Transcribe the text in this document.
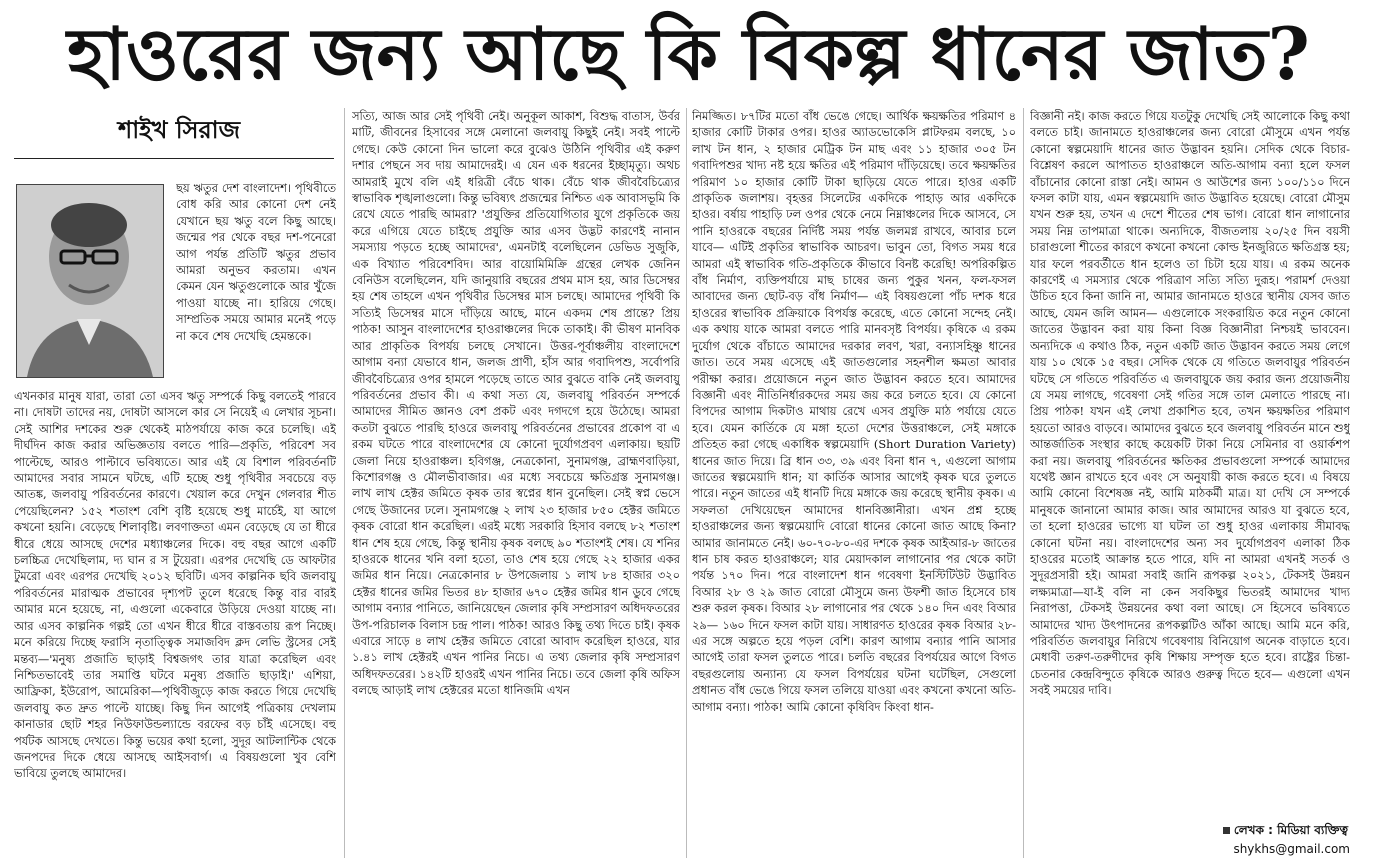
হাওরের জন্য আছে কি বিকল্প ধানের জাত?
শাইখ সিরাজ

ছয় ঋতুর দেশ বাংলাদেশ। পৃথিবীতে বোধ করি আর কোনো দেশ নেই যেখানে ছয় ঋতু বলে কিছু আছে। জন্মের পর থেকে বছর দশ-পনেরো আগ পর্যন্ত প্রতিটি ঋতুর প্রভাব আমরা অনুভব করতাম। এখন কেমন যেন ঋতুগুলোকে আর খুঁজে পাওয়া যাচ্ছে না। হারিয়ে গেছে। সাম্প্রতিক সময়ে আমার মনেই পড়ে না কবে শেষ দেখেছি হেমন্তকে।

এখনকার মানুষ যারা, তারা তো এসব ঋতু সম্পর্কে কিছু বলতেই পারবে না। দোষটা তাদের নয়, দোষটা আসলে কার সে নিয়েই এ লেখার সূচনা। সেই আশির দশকের শুরু থেকেই মাঠপর্যায়ে কাজ করে চলেছি। এই দীর্ঘদিন কাজ করার অভিজ্ঞতায় বলতে পারি—প্রকৃতি, পরিবেশ সব পাল্টেছে, আরও পাল্টাবে ভবিষ্যতে। আর এই যে বিশাল পরিবর্তনটি আমাদের সবার সামনে ঘটছে, এটি হচ্ছে শুধু পৃথিবীর সবচেয়ে বড় আতঙ্ক, জলবায়ু পরিবর্তনের কারণে। খেয়াল করে দেখুন গেলবার শীত পেয়েছিলেন? ১৫২ শতাংশ বেশি বৃষ্টি হয়েছে শুধু মার্চেই, যা আগে কখনো হয়নি। বেড়েছে শিলাবৃষ্টি। লবণাক্ততা এমন বেড়েছে যে তা ধীরে ধীরে ধেয়ে আসছে দেশের মধ্যাঞ্চলের দিকে। বহু বছর আগে একটি চলচ্চিত্র দেখেছিলাম, দ্য ঘান র স টুয়েরা। এরপর দেখেছি ডে আফটার টুমরো এবং এরপর দেখেছি ২০১২ ছবিটি। এসব কাল্পনিক ছবি জলবায়ু পরিবর্তনের মারাত্মক প্রভাবের দৃশ্যপট তুলে ধরেছে কিন্তু বার বারই আমার মনে হয়েছে, না, এগুলো একেবারে উড়িয়ে দেওয়া যাচ্ছে না। আর এসব কাল্পনিক গল্পই তো এখন ধীরে ধীরে বাস্তবতায় রূপ নিচ্ছে। মনে করিয়ে দিচ্ছে ফরাসি নৃতাত্ত্বিক সমাজবিদ ক্লদ লেভি স্ট্রসের সেই মন্তব্য—'মনুষ্য প্রজাতি ছাড়াই বিশ্বজগৎ তার যাত্রা করেছিল এবং নিশ্চিতভাবেই তার সমাপ্তি ঘটবে মনুষ্য প্রজাতি ছাড়াই।' এশিয়া, আফ্রিকা, ইউরোপ, আমেরিকা—পৃথিবীজুড়ে কাজ করতে গিয়ে দেখেছি জলবায়ু কত দ্রুত পাল্টে যাচ্ছে। কিছু দিন আগেই পত্রিকায় দেখলাম কানাডার ছোট শহর নিউফাউন্ডল্যান্ডে বরফের বড় চাঁই এসেছে। বহু পর্যটক আসছে দেখতে। কিন্তু ভয়ের কথা হলো, সুদূর আটলান্টিক থেকে জনপদের দিকে ধেয়ে আসছে আইসবার্গ। এ বিষয়গুলো খুব বেশি ভাবিয়ে তুলছে আমাদের।

সত্যি, আজ আর সেই পৃথিবী নেই। অনুকূল আকাশ, বিশুদ্ধ বাতাস, উর্বর মাটি, জীবনের হিসাবের সঙ্গে মেলানো জলবায়ু কিছুই নেই। সবই পাল্টে গেছে। কেউ কোনো দিন ভালো করে বুঝেও উঠিনি পৃথিবীর এই করুণ দশার পেছনে সব দায় আমাদেরই। এ যেন এক ধরনের ইচ্ছামৃত্যু। অথচ আমরাই মুখে বলি এই ধরিত্রী বেঁচে থাক। বেঁচে থাক জীববৈচিত্র্যের স্বাভাবিক শৃঙ্খলাগুলো। কিন্তু ভবিষ্যৎ প্রজন্মের নিশ্চিত এক আবাসভূমি কি রেখে যেতে পারছি আমরা? 'প্রযুক্তির প্রতিযোগিতার যুগে প্রকৃতিকে জয় করে এগিয়ে যেতে চাইছে প্রযুক্তি আর এসব উদ্ভট কারণেই নানান সমস্যায় পড়তে হচ্ছে আমাদের', এমনটাই বলেছিলেন ডেভিড সুজুকি, এক বিখ্যাত পরিবেশবিদ। আর বায়োমিমিক্রি গ্রন্থের লেখক জেনিন বেনিউস বলেছিলেন, যদি জানুয়ারি বছরের প্রথম মাস হয়, আর ডিসেম্বর হয় শেষ তাহলে এখন পৃথিবীর ডিসেম্বর মাস চলছে। আমাদের পৃথিবী কি সত্যিই ডিসেম্বর মাসে দাঁড়িয়ে আছে, মানে একদম শেষ প্রান্তে? প্রিয় পাঠক! আসুন বাংলাদেশের হাওরাঞ্চলের দিকে তাকাই। কী ভীষণ মানবিক আর প্রাকৃতিক বিপর্যয় চলছে সেখানে। উত্তর-পূর্বাঞ্চলীয় বাংলাদেশে আগাম বন্যা যেভাবে ধান, জলজ প্রাণী, হাঁস আর গবাদিপশু, সর্বোপরি জীববৈচিত্র্যের ওপর হামলে পড়েছে তাতে আর বুঝতে বাকি নেই জলবায়ু পরিবর্তনের প্রভাব কী। এ কথা সত্য যে, জলবায়ু পরিবর্তন সম্পর্কে আমাদের সীমিত জ্ঞানও বেশ প্রকট এবং দগদগে হয়ে উঠেছে। আমরা কতটা বুঝতে পারছি হাওরে জলবায়ু পরিবর্তনের প্রভাবের প্রকোপ বা এ রকম ঘটতে পারে বাংলাদেশের যে কোনো দুর্যোগপ্রবণ এলাকায়। ছয়টি জেলা নিয়ে হাওরাঞ্চল। হবিগঞ্জ, নেত্রকোনা, সুনামগঞ্জ, ব্রাহ্মণবাড়িয়া, কিশোরগঞ্জ ও মৌলভীবাজার। এর মধ্যে সবচেয়ে ক্ষতিগ্রস্ত সুনামগঞ্জ। লাখ লাখ হেক্টর জমিতে কৃষক তার স্বপ্নের ধান বুনেছিল। সেই স্বপ্ন ভেসে গেছে উজানের ঢলে। সুনামগঞ্জে ২ লাখ ২৩ হাজার ৮৫০ হেক্টর জমিতে কৃষক বোরো ধান করেছিল। এরই মধ্যে সরকারি হিসাব বলছে ৮২ শতাংশ ধান শেষ হয়ে গেছে, কিন্তু স্থানীয় কৃষক বলছে ৯০ শতাংশই শেষ। যে শনির হাওরকে ধানের খনি বলা হতো, তাও শেষ হয়ে গেছে ২২ হাজার একর জমির ধান নিয়ে। নেত্রকোনার ৮ উপজেলায় ১ লাখ ৮৪ হাজার ৩২০ হেক্টর ধানের জমির ভিতর ৪৮ হাজার ৬৭০ হেক্টর জমির ধান ডুবে গেছে আগাম বন্যার পানিতে, জানিয়েছেন জেলার কৃষি সম্প্রসারণ অধিদফতরের উপ-পরিচালক বিলাস চন্দ্র পাল। পাঠক! আরও কিছু তথ্য দিতে চাই। কৃষক এবারে সাড়ে ৪ লাখ হেক্টর জমিতে বোরো আবাদ করেছিল হাওরে, যার ১.৪১ লাখ হেক্টরই এখন পানির নিচে। এ তথ্য জেলার কৃষি সম্প্রসারণ অধিদফতরের। ১৪২টি হাওরই এখন পানির নিচে। তবে জেলা কৃষি অফিস বলছে আড়াই লাখ হেক্টরের মতো ধানিজমি এখন

নিমজ্জিত। ৮৭টির মতো বাঁধ ভেঙে গেছে। আর্থিক ক্ষয়ক্ষতির পরিমাণ ৪ হাজার কোটি টাকার ওপর। হাওর অ্যাডভোকেসি প্লাটফরম বলছে, ১০ লাখ টন ধান, ২ হাজার মেট্রিক টন মাছ এবং ১১ হাজার ৩০৫ টন গবাদিপশুর খাদ্য নষ্ট হয়ে ক্ষতির এই পরিমাণ দাঁড়িয়েছে। তবে ক্ষয়ক্ষতির পরিমাণ ১০ হাজার কোটি টাকা ছাড়িয়ে যেতে পারে। হাওর একটি প্রাকৃতিক জলাশয়। বৃহত্তর সিলেটের একদিকে পাহাড় আর একদিকে হাওর। বর্ষায় পাহাড়ি ঢল ওপর থেকে নেমে নিম্নাঞ্চলের দিকে আসবে, সে পানি হাওরকে বছরের নির্দিষ্ট সময় পর্যন্ত জলমগ্ন রাখবে, আবার চলে যাবে— এটিই প্রকৃতির স্বাভাবিক আচরণ। ভাবুন তো, বিগত সময় ধরে আমরা এই স্বাভাবিক গতি-প্রকৃতিকে কীভাবে বিনষ্ট করেছি! অপরিকল্পিত বাঁধ নির্মাণ, ব্যক্তিপর্যায়ে মাছ চাষের জন্য পুকুর খনন, ফল-ফসল আবাদের জন্য ছোট-বড় বাঁধ নির্মাণ— এই বিষয়গুলো পাঁচ দশক ধরে হাওরের স্বাভাবিক প্রক্রিয়াকে বিপর্যস্ত করেছে, এতে কোনো সন্দেহ নেই। এক কথায় যাকে আমরা বলতে পারি মানবসৃষ্ট বিপর্যয়। কৃষিকে এ রকম দুর্যোগ থেকে বাঁচাতে আমাদের দরকার লবণ, খরা, বন্যাসহিষ্ণু ধানের জাত। তবে সময় এসেছে এই জাতগুলোর সহনশীল ক্ষমতা আবার পরীক্ষা করার। প্রয়োজনে নতুন জাত উদ্ভাবন করতে হবে। আমাদের বিজ্ঞানী এবং নীতিনির্ধারকদের সময় জয় করে চলতে হবে। যে কোনো বিপদের আগাম দিকটাও মাথায় রেখে এসব প্রযুক্তি মাঠ পর্যায়ে যেতে হবে। যেমন কার্তিকে যে মঙ্গা হতো দেশের উত্তরাঞ্চলে, সেই মঙ্গাকে প্রতিহত করা গেছে একাধিক স্বল্পমেয়াদি (Short Duration Variety) ধানের জাত দিয়ে। ব্রি ধান ৩৩, ৩৯ এবং বিনা ধান ৭, এগুলো আগাম জাতের স্বল্পমেয়াদি ধান; যা কার্তিক আসার আগেই কৃষক ঘরে তুলতে পারে। নতুন জাতের এই ধানটি দিয়ে মঙ্গাকে জয় করেছে স্থানীয় কৃষক। এ সফলতা দেখিয়েছেন আমাদের ধানবিজ্ঞানীরা। এখন প্রশ্ন হচ্ছে হাওরাঞ্চলের জন্য স্বল্পমেয়াদি বোরো ধানের কোনো জাত আছে কিনা? আমার জানামতে নেই। ৬০-৭০-৮০-এর দশকে কৃষক আইআর-৮ জাতের ধান চাষ করত হাওরাঞ্চলে; যার মেয়াদকাল লাগানোর পর থেকে কাটা পর্যন্ত ১৭০ দিন। পরে বাংলাদেশ ধান গবেষণা ইনস্টিটিউট উদ্ভাবিত বিআর ২৮ ও ২৯ জাত বোরো মৌসুমে জন্য উফশী জাত হিসেবে চাষ শুরু করল কৃষক। বিআর ২৮ লাগানোর পর থেকে ১৪০ দিন এবং বিআর ২৯— ১৬০ দিনে ফসল কাটা যায়। সাধারণত হাওরের কৃষক বিআর ২৮-এর সঙ্গে অল্পতে হয়ে পড়ল বেশি। কারণ আগাম বন্যার পানি আসার আগেই তারা ফসল তুলতে পারে। চলতি বছরের বিপর্যয়ের আগে বিগত বছরগুলোয় অন্যান্য যে ফসল বিপর্যয়ের ঘটনা ঘটেছিল, সেগুলো প্রধানত বাঁধ ভেঙে গিয়ে ফসল তলিয়ে যাওয়া এবং কখনো কখনো অতি-আগাম বন্যা। পাঠক! আমি কোনো কৃষিবিদ কিংবা ধান-

বিজ্ঞানী নই। কাজ করতে গিয়ে যতটুকু দেখেছি সেই আলোকে কিছু কথা বলতে চাই। জানামতে হাওরাঞ্চলের জন্য বোরো মৌসুমে এখন পর্যন্ত কোনো স্বল্পমেয়াদি ধানের জাত উদ্ভাবন হয়নি। সেদিক থেকে বিচার-বিশ্লেষণ করলে আপাতত হাওরাঞ্চলে অতি-আগাম বন্যা হলে ফসল বাঁচানোর কোনো রাস্তা নেই। আমন ও আউশের জন্য ১০০/১১০ দিনে ফসল কাটা যায়, এমন স্বল্পমেয়াদি জাত উদ্ভাবিত হয়েছে। বোরো মৌসুম যখন শুরু হয়, তখন এ দেশে শীতের শেষ ভাগ। বোরো ধান লাগানোর সময় নিম্ন তাপমাত্রা থাকে। অন্যদিকে, বীজতলায় ২০/২৫ দিন বয়সী চারাগুলো শীতের কারণে কখনো কখনো কোল্ড ইনজুরিতে ক্ষতিগ্রস্ত হয়; যার ফলে পরবর্তীতে ধান হলেও তা চিটা হয়ে যায়। এ রকম অনেক কারণেই এ সমস্যার থেকে পরিত্রাণ সত্যি সত্যি দুরূহ। পরামর্শ দেওয়া উচিত হবে কিনা জানি না, আমার জানামতে হাওরে স্থানীয় যেসব জাত আছে, যেমন জলি আমন— এগুলোকে সংকরায়িত করে নতুন কোনো জাতের উদ্ভাবন করা যায় কিনা বিজ্ঞ বিজ্ঞানীরা নিশ্চয়ই ভাববেন। অন্যদিকে এ কথাও ঠিক, নতুন একটি জাত উদ্ভাবন করতে সময় লেগে যায় ১০ থেকে ১৫ বছর। সেদিক থেকে যে গতিতে জলবায়ুর পরিবর্তন ঘটছে সে গতিতে পরিবর্তিত এ জলবায়ুকে জয় করার জন্য প্রয়োজনীয় যে সময় লাগছে, গবেষণা সেই গতির সঙ্গে তাল মেলাতে পারছে না। প্রিয় পাঠক! যখন এই লেখা প্রকাশিত হবে, তখন ক্ষয়ক্ষতির পরিমাণ হয়তো আরও বাড়বে। আমাদের বুঝতে হবে জলবায়ু পরিবর্তন মানে শুধু আন্তর্জাতিক সংস্থার কাছে কয়েকটি টাকা নিয়ে সেমিনার বা ওয়ার্কশপ করা নয়। জলবায়ু পরিবর্তনের ক্ষতিকর প্রভাবগুলো সম্পর্কে আমাদের যথেষ্ট জ্ঞান রাখতে হবে এবং সে অনুযায়ী কাজ করতে হবে। এ বিষয়ে আমি কোনো বিশেষজ্ঞ নই, আমি মাঠকর্মী মাত্র। যা দেখি সে সম্পর্কে মানুষকে জানানো আমার কাজ। আর আমাদের আরও যা বুঝতে হবে, তা হলো হাওরের ভাগ্যে যা ঘটল তা শুধু হাওর এলাকায় সীমাবদ্ধ কোনো ঘটনা নয়। বাংলাদেশের অন্য সব দুর্যোগপ্রবণ এলাকা ঠিক হাওরের মতোই আক্রান্ত হতে পারে, যদি না আমরা এখনই সতর্ক ও সুদূরপ্রসারী হই। আমরা সবাই জানি রূপকল্প ২০২১, টেকসই উন্নয়ন লক্ষ্যমাত্রা—যা-ই বলি না কেন সবকিছুর ভিতরই আমাদের খাদ্য নিরাপত্তা, টেকসই উন্নয়নের কথা বলা আছে। সে হিসেবে ভবিষ্যতে আমাদের খাদ্য উৎপাদনের রূপকল্পটিও আঁকা আছে। আমি মনে করি, পরিবর্তিত জলবায়ুর নিরিখে গবেষণায় বিনিয়োগ অনেক বাড়াতে হবে। মেধাবী তরুণ-তরুণীদের কৃষি শিক্ষায় সম্পৃক্ত হতে হবে। রাষ্ট্রের চিন্তা-চেতনার কেন্দ্রবিন্দুতে কৃষিকে আরও গুরুত্ব দিতে হবে— এগুলো এখন সবই সময়ের দাবি।

লেখক : মিডিয়া ব্যক্তিত্ব
shykhs@gmail.com
